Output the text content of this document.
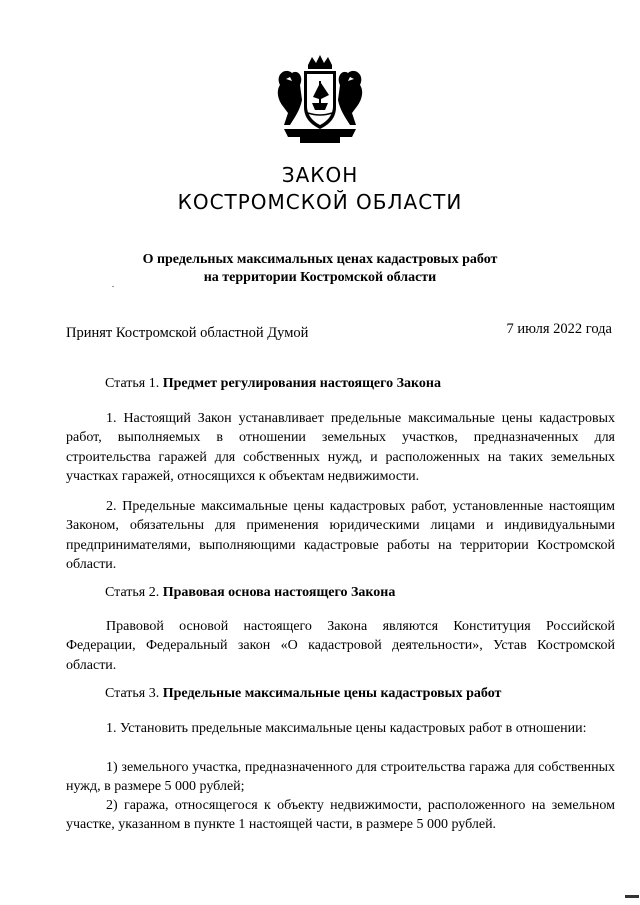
ЗАКОН
КОСТРОМСКОЙ ОБЛАСТИ
О предельных максимальных ценах кадастровых работ
на территории Костромской области
Принят Костромской областной Думой	7 июля 2022 года
Статья 1. Предмет регулирования настоящего Закона
1. Настоящий Закон устанавливает предельные максимальные цены кадастровых работ, выполняемых в отношении земельных участков, предназначенных для строительства гаражей для собственных нужд, и расположенных на таких земельных участках гаражей, относящихся к объектам недвижимости.
2. Предельные максимальные цены кадастровых работ, установленные настоящим Законом, обязательны для применения юридическими лицами и индивидуальными предпринимателями, выполняющими кадастровые работы на территории Костромской области.
Статья 2. Правовая основа настоящего Закона
Правовой основой настоящего Закона являются Конституция Российской Федерации, Федеральный закон «О кадастровой деятельности», Устав Костромской области.
Статья 3. Предельные максимальные цены кадастровых работ
1. Установить предельные максимальные цены кадастровых работ в отношении:
1) земельного участка, предназначенного для строительства гаража для собственных нужд, в размере 5 000 рублей;
2) гаража, относящегося к объекту недвижимости, расположенного на земельном участке, указанном в пункте 1 настоящей части, в размере 5 000 рублей.
